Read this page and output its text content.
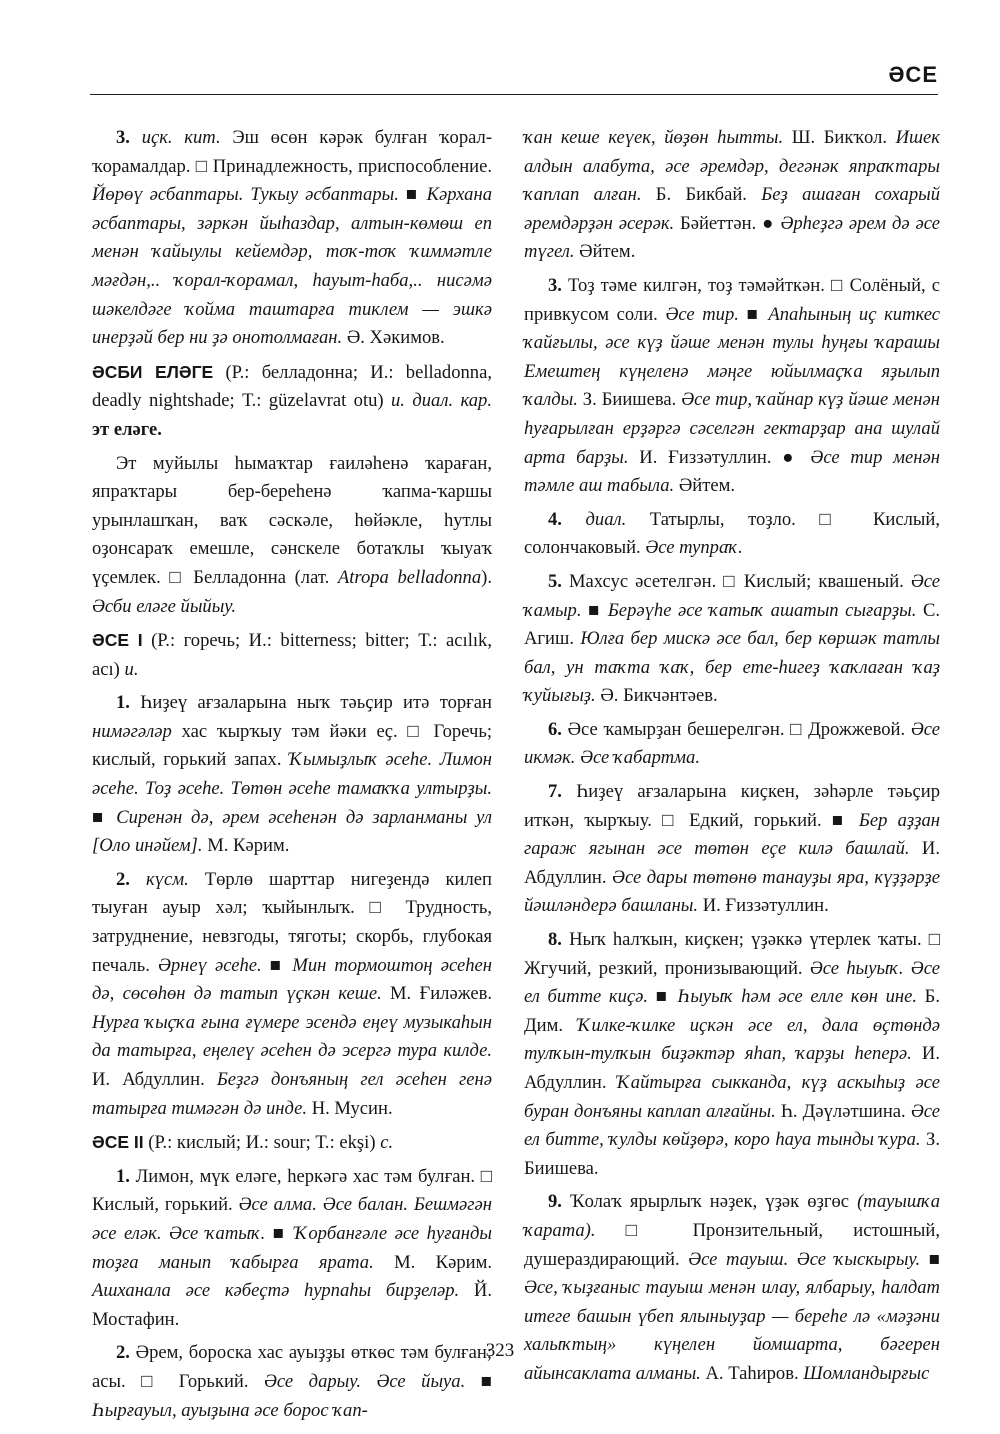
ƏСЕ

3. иҫк. кит. Эш өсөн кәрәк булған ҡорал-ҡорамалдар. □ Принадлежность, приспособление. Йөрөү әсбаптары. Тукыу әсбаптары. ■ Кәрхана әсбаптары, зәркән йыһаздар, алтын-көмөш еп менән ҡайыулы кейемдәр, тоҡ-тоҡ ҡиммәтле мәғдән,.. ҡорал-ҡорамал, һауыт-һаба,.. нисәмә шәкелдәге ҡойма таштарға тиклем — эшкә инерҙәй бер ни ҙә онотолмаған. Ә. Хәкимов.

ӘСБИ ЕЛӘГЕ (Р.: белладонна; И.: belladonna, deadly nightshade; Т.: güzelavrat otu) и. диал. кар. эт еләге.

Эт муйылы һымаҡтар ғаиләһенә ҡараған, япраҡтары бер-береһенә ҡапма-ҡаршы урынлашҡан, ваҡ сәскәле, һөйәкле, һутлы оҙонсараҡ емешле, сәнскеле ботаҡлы ҡыуаҡ үҫемлек. □ Белладонна (лат. Atropa belladonna). Әсби еләге йыйыу.

ӘСЕ I (Р.: горечь; И.: bitterness; bitter; Т.: acılık, acı) и.

1. Һиҙеү ағзаларына ныҡ тәьҫир итә торған нимәгәләр хас ҡырҡыу тәм йәки еҫ. □ Горечь; кислый, горький запах. Ҡымыҙлыҡ әсеһе. Лимон әсеһе. Тоҙ әсеһе. Төтөн әсеһе тамаҡҡа ултырҙы. ■ Сиренән дә, әрем әсеһенән дә зарланманы ул [Оло инәйем]. М. Кәрим.

2. күсм. Төрлө шарттар нигеҙендә килеп тыуған ауыр хәл; ҡыйынлыҡ. □ Трудность, затруднение, невзгоды, тяготы; скорбь, глубокая печаль. Әрнеү әсеһе. ■ Мин тормоштоң әсеһен дә, сөсөһөн дә татып үҫкән кеше. М. Ғиләжев. Нурға ҡыҫҡа ғына ғүмере эсендә еңеү музыкаһын да татырға, еңелеү әсеһен дә эсергә тура килде. И. Абдуллин. Беҙгә донъяның гел әсеһен генә татырға тимәгән дә инде. Н. Мусин.

ӘСЕ II (Р.: кислый; И.: sour; Т.: ekşi) с.

1. Лимон, мүк еләге, һеркәгә хас тәм булған. □ Кислый, горький. Әсе алма. Әсе балан. Бешмәгән әсе еләк. Әсе ҡатыҡ. ■ Ҡорбанғәле әсе һуғанды тоҙға манып ҡабырға ярата. М. Кәрим. Ашханала әсе кәбеҫтә һурпаһы бирҙеләр. Й. Мостафин.

2. Әрем, бороска хас ауыҙҙы өткөс тәм булған; асы. □ Горький. Әсе дарыу. Әсе йыуа. ■ Һырғауыл, ауыҙына әсе борос ҡап-

ҡан кеше кеүек, йөҙөн һытты. Ш. Бикҡол. Ишек алдын алабута, әсе әремдәр, дегәнәк япраҡтары ҡаплап алған. Б. Бикбай. Беҙ ашаған сохарый әремдәрҙән әсерәк. Бәйеттән. ● Әрһеҙгә әрем дә әсе түгел. Әйтем.

3. Тоҙ тәме килгән, тоҙ тәмәйткән. □ Солёный, с привкусом соли. Әсе тир. ■ Апаһының иҫ киткес ҡайғылы, әсе күҙ йәше менән тулы һуңғы ҡарашы Емештең күңеленә мәңге юйылмаҫҡа яҙылып ҡалды. З. Биишева. Әсе тир, ҡайнар күҙ йәше менән һуғарылған ерҙәргә сәселгән гектарҙар ана шулай арта барҙы. И. Ғиззәтуллин. ● Әсе тир менән тәмле аш табыла. Әйтем.

4. диал. Татырлы, тоҙло. □ Кислый, солончаковый. Әсе тупраҡ.

5. Махсус әсетелгән. □ Кислый; квашеный. Әсе ҡамыр. ■ Берәүһе әсе ҡатыҡ ашатып сығарҙы. С. Агиш. Юлға бер мискә әсе бал, бер көршәк татлы бал, ун таҡта ҡаҡ, бер ете-һигеҙ ҡаҡлаған ҡаҙ ҡуйығыҙ. Ә. Бикчәнтәев.

6. Әсе ҡамырҙан бешерелгән. □ Дрожжевой. Әсе икмәк. Әсе ҡабартма.

7. Һиҙеү ағзаларына киҫкен, зәһәрле тәьҫир иткән, ҡырҡыу. □ Едкий, горький. ■ Бер аҙҙан гараж ягынан әсе төтөн еҫе килә башлай. И. Абдуллин. Әсе дары төтөнө танауҙы яра, күҙҙәрҙе йәшләндерә башланы. И. Ғиззәтуллин.

8. Ныҡ һалҡын, киҫкен; үҙәккә үтерлек ҡаты. □ Жгучий, резкий, пронизывающий. Әсе һыуыҡ. Әсе ел битте киҫә. ■ Һыуыҡ һәм әсе елле көн ине. Б. Дим. Ҡилке-ҡилке иҫкән әсе ел, дала өҫтөндә тулҡын-тулҡын биҙәктәр яһап, ҡарҙы һеперә. И. Абдуллин. Ҡайтырға сыкканда, күҙ аскыһыҙ әсе буран донъяны каплап алғайны. Һ. Дәүләтшина. Әсе ел битте, ҡулды көйҙөрә, коро һауа тынды ҡура. З. Биишева.

9. Ҡолаҡ ярырлыҡ нәҙек, үҙәк өҙгөс (тауышҡа ҡарата). □ Пронзительный, истошный, душераздирающий. Әсе тауыш. Әсе ҡыскырыу. ■ Әсе, ҡыҙғаныс тауыш менән илау, ялбарыу, һалдат итеге башын үбеп ялыныуҙар — береһе лә «мәҙәни халыҡтың» күңелен йомшарта, бәгерен айынсаклата алманы. А. Таһиров. Шомландырғыс

323
